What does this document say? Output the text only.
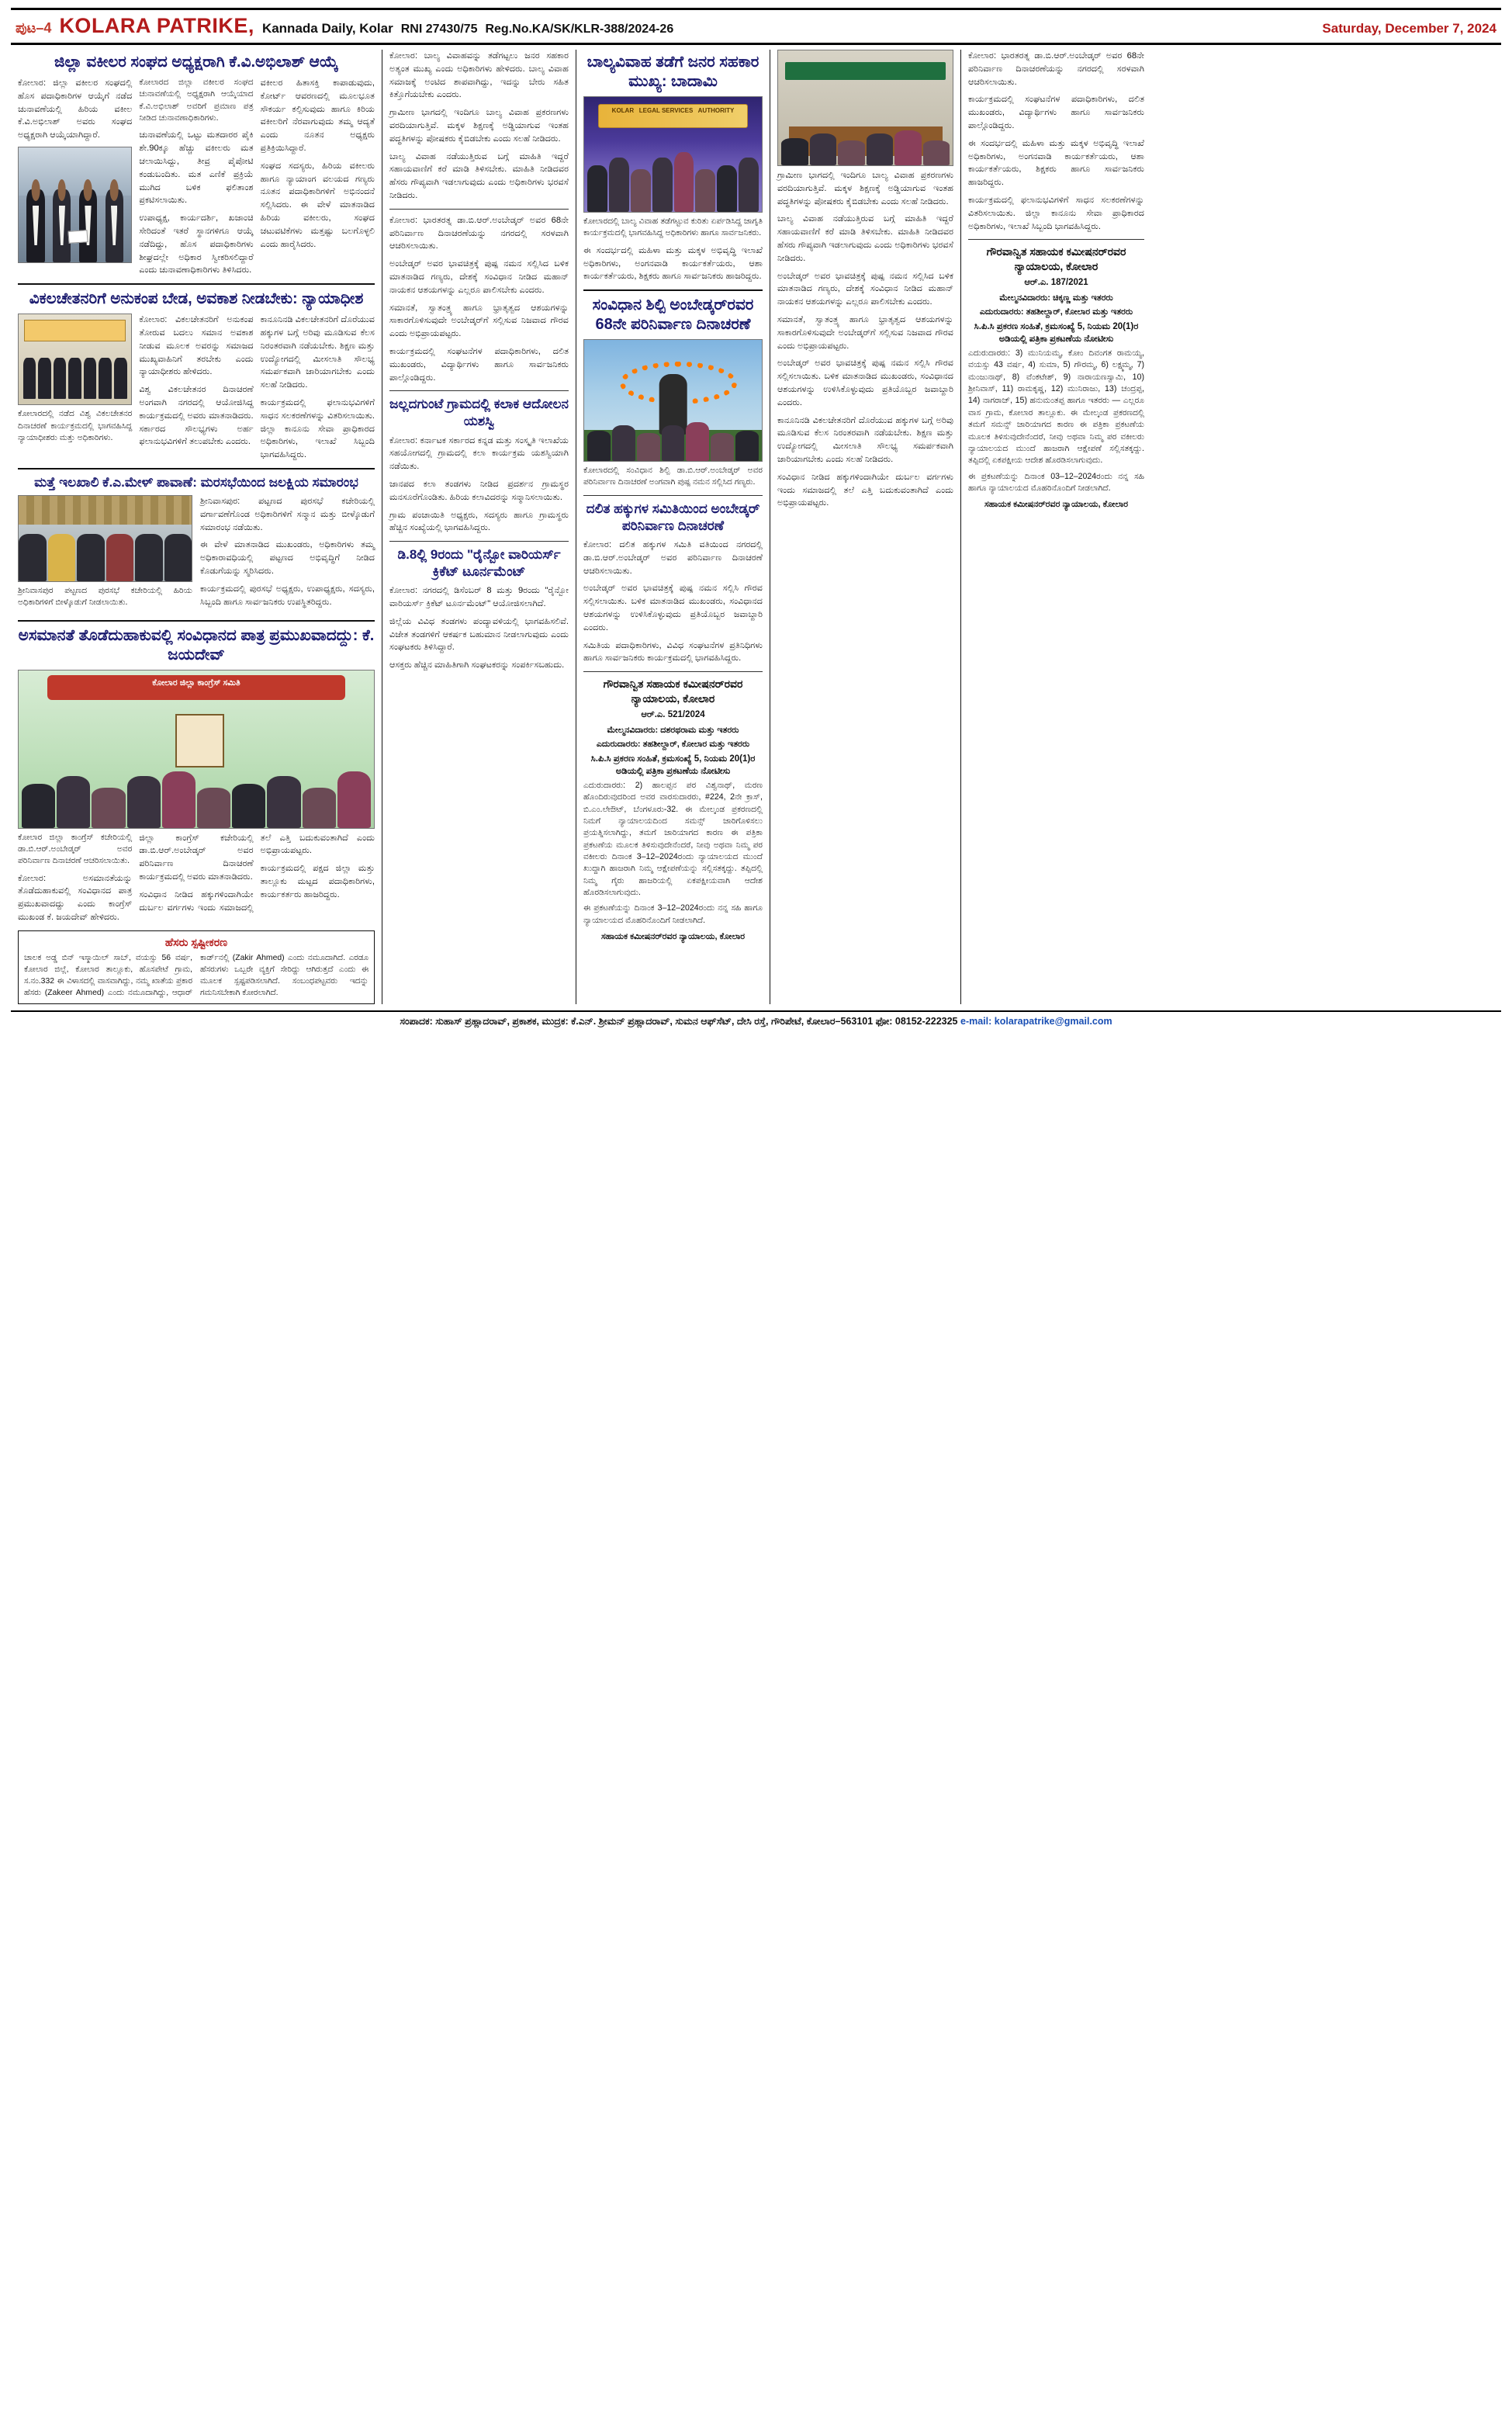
ಪುಟ–4 KOLARA PATRIKE, Kannada Daily, Kolar RNI 27430/75 Reg.No.KA/SK/KLR-388/2024-26	Saturday, December 7, 2024
ಜಿಲ್ಲಾ ವಕೀಲರ ಸಂಘದ ಅಧ್ಯಕ್ಷರಾಗಿ ಕೆ.ವಿ.ಅಭಿಲಾಶ್ ಆಯ್ಕೆ

ಕೋಲಾರ: ಜಿಲ್ಲಾ ವಕೀಲರ ಸಂಘದಲ್ಲಿ ಹೊಸ ಪದಾಧಿಕಾರಿಗಳ ಆಯ್ಕೆಗೆ ನಡೆದ ಚುನಾವಣೆಯಲ್ಲಿ ಹಿರಿಯ ವಕೀಲ ಕೆ.ವಿ.ಅಭಿಲಾಶ್ ಅವರು ಸಂಘದ ಅಧ್ಯಕ್ಷರಾಗಿ ಆಯ್ಕೆಯಾಗಿದ್ದಾರೆ.

ಕೋಲಾರದ ಜಿಲ್ಲಾ ವಕೀಲರ ಸಂಘದ ಚುನಾವಣೆಯಲ್ಲಿ ಅಧ್ಯಕ್ಷರಾಗಿ ಆಯ್ಕೆಯಾದ ಕೆ.ವಿ.ಅಭಿಲಾಶ್ ಅವರಿಗೆ ಪ್ರಮಾಣ ಪತ್ರ ನೀಡಿದ ಚುನಾವಣಾಧಿಕಾರಿಗಳು.

ಚುನಾವಣೆಯಲ್ಲಿ ಒಟ್ಟು ಮತದಾರರ ಪೈಕಿ ಶೇ.90ಕ್ಕೂ ಹೆಚ್ಚು ವಕೀಲರು ಮತ ಚಲಾಯಿಸಿದ್ದು, ತೀವ್ರ ಪೈಪೋಟಿ ಕಂಡುಬಂದಿತು. ಮತ ಎಣಿಕೆ ಪ್ರಕ್ರಿಯೆ ಮುಗಿದ ಬಳಿಕ ಫಲಿತಾಂಶ ಪ್ರಕಟಿಸಲಾಯಿತು.

ಉಪಾಧ್ಯಕ್ಷ, ಕಾರ್ಯದರ್ಶಿ, ಖಜಾಂಚಿ ಸೇರಿದಂತೆ ಇತರೆ ಸ್ಥಾನಗಳಿಗೂ ಆಯ್ಕೆ ನಡೆದಿದ್ದು, ಹೊಸ ಪದಾಧಿಕಾರಿಗಳು ಶೀಘ್ರದಲ್ಲೇ ಅಧಿಕಾರ ಸ್ವೀಕರಿಸಲಿದ್ದಾರೆ ಎಂದು ಚುನಾವಣಾಧಿಕಾರಿಗಳು ತಿಳಿಸಿದರು.

ವಕೀಲರ ಹಿತಾಸಕ್ತಿ ಕಾಪಾಡುವುದು, ಕೋರ್ಟ್ ಆವರಣದಲ್ಲಿ ಮೂಲಭೂತ ಸೌಕರ್ಯ ಕಲ್ಪಿಸುವುದು ಹಾಗೂ ಕಿರಿಯ ವಕೀಲರಿಗೆ ನೆರವಾಗುವುದು ತಮ್ಮ ಆದ್ಯತೆ ಎಂದು ನೂತನ ಅಧ್ಯಕ್ಷರು ಪ್ರತಿಕ್ರಿಯಿಸಿದ್ದಾರೆ.

ಸಂಘದ ಸದಸ್ಯರು, ಹಿರಿಯ ವಕೀಲರು ಹಾಗೂ ನ್ಯಾಯಾಂಗ ವಲಯದ ಗಣ್ಯರು ನೂತನ ಪದಾಧಿಕಾರಿಗಳಿಗೆ ಅಭಿನಂದನೆ ಸಲ್ಲಿಸಿದರು. ಈ ವೇಳೆ ಮಾತನಾಡಿದ ಹಿರಿಯ ವಕೀಲರು, ಸಂಘದ ಚಟುವಟಿಕೆಗಳು ಮತ್ತಷ್ಟು ಬಲಗೊಳ್ಳಲಿ ಎಂದು ಹಾರೈಸಿದರು.

ವಿಕಲಚೇತನರಿಗೆ ಅನುಕಂಪ ಬೇಡ, ಅವಕಾಶ ನೀಡಬೇಕು: ನ್ಯಾಯಾಧೀಶ

ಕೋಲಾರದಲ್ಲಿ ನಡೆದ ವಿಶ್ವ ವಿಕಲಚೇತನರ ದಿನಾಚರಣೆ ಕಾರ್ಯಕ್ರಮದಲ್ಲಿ ಭಾಗವಹಿಸಿದ್ದ ನ್ಯಾಯಾಧೀಶರು ಮತ್ತು ಅಧಿಕಾರಿಗಳು.

ಕೋಲಾರ: ವಿಕಲಚೇತನರಿಗೆ ಅನುಕಂಪ ತೋರುವ ಬದಲು ಸಮಾನ ಅವಕಾಶ ನೀಡುವ ಮೂಲಕ ಅವರನ್ನು ಸಮಾಜದ ಮುಖ್ಯವಾಹಿನಿಗೆ ತರಬೇಕು ಎಂದು ನ್ಯಾಯಾಧೀಶರು ಹೇಳಿದರು.

ವಿಶ್ವ ವಿಕಲಚೇತನರ ದಿನಾಚರಣೆ ಅಂಗವಾಗಿ ನಗರದಲ್ಲಿ ಆಯೋಜಿಸಿದ್ದ ಕಾರ್ಯಕ್ರಮದಲ್ಲಿ ಅವರು ಮಾತನಾಡಿದರು. ಸರ್ಕಾರದ ಸೌಲಭ್ಯಗಳು ಅರ್ಹ ಫಲಾನುಭವಿಗಳಿಗೆ ತಲುಪಬೇಕು ಎಂದರು.

ಕಾನೂನಿನಡಿ ವಿಕಲಚೇತನರಿಗೆ ದೊರೆಯುವ ಹಕ್ಕುಗಳ ಬಗ್ಗೆ ಅರಿವು ಮೂಡಿಸುವ ಕೆಲಸ ನಿರಂತರವಾಗಿ ನಡೆಯಬೇಕು. ಶಿಕ್ಷಣ ಮತ್ತು ಉದ್ಯೋಗದಲ್ಲಿ ಮೀಸಲಾತಿ ಸೌಲಭ್ಯ ಸಮರ್ಪಕವಾಗಿ ಜಾರಿಯಾಗಬೇಕು ಎಂದು ಸಲಹೆ ನೀಡಿದರು.

ಕಾರ್ಯಕ್ರಮದಲ್ಲಿ ಫಲಾನುಭವಿಗಳಿಗೆ ಸಾಧನ ಸಲಕರಣೆಗಳನ್ನು ವಿತರಿಸಲಾಯಿತು. ಜಿಲ್ಲಾ ಕಾನೂನು ಸೇವಾ ಪ್ರಾಧಿಕಾರದ ಅಧಿಕಾರಿಗಳು, ಇಲಾಖೆ ಸಿಬ್ಬಂದಿ ಭಾಗವಹಿಸಿದ್ದರು.

ಮತ್ತೆ ಇಲಖಾಲಿ ಕೆ.ಎ.ಮೇಳ್ ಪಾವಾಣೆ: ಮರಸಭೆಯಿಂದ ಜಲಕ್ಷಿಯ ಸಮಾರಂಭ

ಶ್ರೀನಿವಾಸಪುರ ಪಟ್ಟಣದ ಪುರಸಭೆ ಕಚೇರಿಯಲ್ಲಿ ಹಿರಿಯ ಅಧಿಕಾರಿಗಳಿಗೆ ಬೀಳ್ಕೊಡುಗೆ ನೀಡಲಾಯಿತು.

ಶ್ರೀನಿವಾಸಪುರ: ಪಟ್ಟಣದ ಪುರಸಭೆ ಕಚೇರಿಯಲ್ಲಿ ವರ್ಗಾವಣೆಗೊಂಡ ಅಧಿಕಾರಿಗಳಿಗೆ ಸನ್ಮಾನ ಮತ್ತು ಬೀಳ್ಕೊಡುಗೆ ಸಮಾರಂಭ ನಡೆಯಿತು.

ಈ ವೇಳೆ ಮಾತನಾಡಿದ ಮುಖಂಡರು, ಅಧಿಕಾರಿಗಳು ತಮ್ಮ ಅಧಿಕಾರಾವಧಿಯಲ್ಲಿ ಪಟ್ಟಣದ ಅಭಿವೃದ್ಧಿಗೆ ನೀಡಿದ ಕೊಡುಗೆಯನ್ನು ಸ್ಮರಿಸಿದರು.

ಕಾರ್ಯಕ್ರಮದಲ್ಲಿ ಪುರಸಭೆ ಅಧ್ಯಕ್ಷರು, ಉಪಾಧ್ಯಕ್ಷರು, ಸದಸ್ಯರು, ಸಿಬ್ಬಂದಿ ಹಾಗೂ ಸಾರ್ವಜನಿಕರು ಉಪಸ್ಥಿತರಿದ್ದರು.

ಅಸಮಾನತೆ ತೊಡೆದುಹಾಕುವಲ್ಲಿ ಸಂವಿಧಾನದ ಪಾತ್ರ ಪ್ರಮುಖವಾದದ್ದು: ಕೆ. ಜಯದೇವ್
ಕೋಲಾರ ಜಿಲ್ಲಾ ಕಾಂಗ್ರೆಸ್ ಸಮಿತಿ

ಕೋಲಾರ ಜಿಲ್ಲಾ ಕಾಂಗ್ರೆಸ್ ಕಚೇರಿಯಲ್ಲಿ ಡಾ.ಬಿ.ಆರ್.ಅಂಬೇಡ್ಕರ್ ಅವರ ಪರಿನಿರ್ವಾಣ ದಿನಾಚರಣೆ ಆಚರಿಸಲಾಯಿತು.

ಕೋಲಾರ: ಅಸಮಾನತೆಯನ್ನು ತೊಡೆದುಹಾಕುವಲ್ಲಿ ಸಂವಿಧಾನದ ಪಾತ್ರ ಪ್ರಮುಖವಾದದ್ದು ಎಂದು ಕಾಂಗ್ರೆಸ್ ಮುಖಂಡ ಕೆ. ಜಯದೇವ್ ಹೇಳಿದರು.

ಜಿಲ್ಲಾ ಕಾಂಗ್ರೆಸ್ ಕಚೇರಿಯಲ್ಲಿ ಡಾ.ಬಿ.ಆರ್.ಅಂಬೇಡ್ಕರ್ ಅವರ ಪರಿನಿರ್ವಾಣ ದಿನಾಚರಣೆ ಕಾರ್ಯಕ್ರಮದಲ್ಲಿ ಅವರು ಮಾತನಾಡಿದರು.

ಸಂವಿಧಾನ ನೀಡಿದ ಹಕ್ಕುಗಳಿಂದಾಗಿಯೇ ದುರ್ಬಲ ವರ್ಗಗಳು ಇಂದು ಸಮಾಜದಲ್ಲಿ ತಲೆ ಎತ್ತಿ ಬದುಕುವಂತಾಗಿದೆ ಎಂದು ಅಭಿಪ್ರಾಯಪಟ್ಟರು.

ಕಾರ್ಯಕ್ರಮದಲ್ಲಿ ಪಕ್ಷದ ಜಿಲ್ಲಾ ಮತ್ತು ತಾಲ್ಲೂಕು ಮಟ್ಟದ ಪದಾಧಿಕಾರಿಗಳು, ಕಾರ್ಯಕರ್ತರು ಹಾಜರಿದ್ದರು.

ಹೆಸರು ಸ್ಪಷ್ಟೀಕರಣ
ಚಾಲಕ ಅಡ್ಡ ಬಿನ್ ಇಸ್ಮಾಯಿಲ್ ಸಾಬ್, ವಯಸ್ಸು 56 ವರ್ಷ, ಕೋಲಾರ ಜಿಲ್ಲೆ, ಕೋಲಾರ ತಾಲ್ಲೂಕು, ಹೊಸಪೇಟೆ ಗ್ರಾಮ, ಸ.ನಂ.332 ಈ ವಿಳಾಸದಲ್ಲಿ ವಾಸವಾಗಿದ್ದು, ನಮ್ಮ ಖಾತೆಯ ಪ್ರಕಾರ ಹೆಸರು (Zakeer Ahmed) ಎಂದು ನಮೂದಾಗಿದ್ದು, ಆಧಾರ್ ಕಾರ್ಡ್‌ನಲ್ಲಿ (Zakir Ahmed) ಎಂದು ನಮೂದಾಗಿದೆ. ಎರಡೂ ಹೆಸರುಗಳು ಒಬ್ಬರೇ ವ್ಯಕ್ತಿಗೆ ಸೇರಿದ್ದು ಆಗಿರುತ್ತದೆ ಎಂದು ಈ ಮೂಲಕ ಸ್ಪಷ್ಟಪಡಿಸಲಾಗಿದೆ. ಸಂಬಂಧಪಟ್ಟವರು ಇದನ್ನು ಗಮನಿಸಬೇಕಾಗಿ ಕೋರಲಾಗಿದೆ.

ಕೋಲಾರ: ಬಾಲ್ಯ ವಿವಾಹವನ್ನು ತಡೆಗಟ್ಟಲು ಜನರ ಸಹಕಾರ ಅತ್ಯಂತ ಮುಖ್ಯ ಎಂದು ಅಧಿಕಾರಿಗಳು ಹೇಳಿದರು. ಬಾಲ್ಯ ವಿವಾಹ ಸಮಾಜಕ್ಕೆ ಅಂಟಿದ ಶಾಪವಾಗಿದ್ದು, ಇದನ್ನು ಬೇರು ಸಹಿತ ಕಿತ್ತೊಗೆಯಬೇಕು ಎಂದರು.

ಗ್ರಾಮೀಣ ಭಾಗದಲ್ಲಿ ಇಂದಿಗೂ ಬಾಲ್ಯ ವಿವಾಹ ಪ್ರಕರಣಗಳು ವರದಿಯಾಗುತ್ತಿವೆ. ಮಕ್ಕಳ ಶಿಕ್ಷಣಕ್ಕೆ ಅಡ್ಡಿಯಾಗುವ ಇಂತಹ ಪದ್ಧತಿಗಳನ್ನು ಪೋಷಕರು ಕೈಬಿಡಬೇಕು ಎಂದು ಸಲಹೆ ನೀಡಿದರು.

ಬಾಲ್ಯ ವಿವಾಹ ನಡೆಯುತ್ತಿರುವ ಬಗ್ಗೆ ಮಾಹಿತಿ ಇದ್ದರೆ ಸಹಾಯವಾಣಿಗೆ ಕರೆ ಮಾಡಿ ತಿಳಿಸಬೇಕು. ಮಾಹಿತಿ ನೀಡಿದವರ ಹೆಸರು ಗೌಪ್ಯವಾಗಿ ಇಡಲಾಗುವುದು ಎಂದು ಅಧಿಕಾರಿಗಳು ಭರವಸೆ ನೀಡಿದರು.

ಕೋಲಾರ: ಭಾರತರತ್ನ ಡಾ.ಬಿ.ಆರ್.ಅಂಬೇಡ್ಕರ್ ಅವರ 68ನೇ ಪರಿನಿರ್ವಾಣ ದಿನಾಚರಣೆಯನ್ನು ನಗರದಲ್ಲಿ ಸರಳವಾಗಿ ಆಚರಿಸಲಾಯಿತು.

ಅಂಬೇಡ್ಕರ್ ಅವರ ಭಾವಚಿತ್ರಕ್ಕೆ ಪುಷ್ಪ ನಮನ ಸಲ್ಲಿಸಿದ ಬಳಿಕ ಮಾತನಾಡಿದ ಗಣ್ಯರು, ದೇಶಕ್ಕೆ ಸಂವಿಧಾನ ನೀಡಿದ ಮಹಾನ್ ನಾಯಕನ ಆಶಯಗಳನ್ನು ಎಲ್ಲರೂ ಪಾಲಿಸಬೇಕು ಎಂದರು.

ಸಮಾನತೆ, ಸ್ವಾತಂತ್ರ್ಯ ಹಾಗೂ ಭ್ರಾತೃತ್ವದ ಆಶಯಗಳನ್ನು ಸಾಕಾರಗೊಳಿಸುವುದೇ ಅಂಬೇಡ್ಕರ್‌ಗೆ ಸಲ್ಲಿಸುವ ನಿಜವಾದ ಗೌರವ ಎಂದು ಅಭಿಪ್ರಾಯಪಟ್ಟರು.

ಕಾರ್ಯಕ್ರಮದಲ್ಲಿ ಸಂಘಟನೆಗಳ ಪದಾಧಿಕಾರಿಗಳು, ದಲಿತ ಮುಖಂಡರು, ವಿದ್ಯಾರ್ಥಿಗಳು ಹಾಗೂ ಸಾರ್ವಜನಿಕರು ಪಾಲ್ಗೊಂಡಿದ್ದರು.

ಜಲ್ಲದಗುಂಟೆ ಗ್ರಾಮದಲ್ಲಿ ಕಲಾಕ ಆದೋಲನ ಯಶಸ್ವಿ

ಕೋಲಾರ: ಕರ್ನಾಟಕ ಸರ್ಕಾರದ ಕನ್ನಡ ಮತ್ತು ಸಂಸ್ಕೃತಿ ಇಲಾಖೆಯ ಸಹಯೋಗದಲ್ಲಿ ಗ್ರಾಮದಲ್ಲಿ ಕಲಾ ಕಾರ್ಯಕ್ರಮ ಯಶಸ್ವಿಯಾಗಿ ನಡೆಯಿತು.

ಜಾನಪದ ಕಲಾ ತಂಡಗಳು ನೀಡಿದ ಪ್ರದರ್ಶನ ಗ್ರಾಮಸ್ಥರ ಮನಸೂರೆಗೊಂಡಿತು. ಹಿರಿಯ ಕಲಾವಿದರನ್ನು ಸನ್ಮಾನಿಸಲಾಯಿತು.

ಗ್ರಾಮ ಪಂಚಾಯಿತಿ ಅಧ್ಯಕ್ಷರು, ಸದಸ್ಯರು ಹಾಗೂ ಗ್ರಾಮಸ್ಥರು ಹೆಚ್ಚಿನ ಸಂಖ್ಯೆಯಲ್ಲಿ ಭಾಗವಹಿಸಿದ್ದರು.

ಡಿ.8ಲ್ಲಿ 9ರಂದು "ರೈನ್ಬೋ ವಾರಿಯರ್ಸ್ ಕ್ರಿಕೆಟ್ ಟೂರ್ನಮೆಂಟ್

ಕೋಲಾರ: ನಗರದಲ್ಲಿ ಡಿಸೆಂಬರ್ 8 ಮತ್ತು 9ರಂದು "ರೈನ್ಬೋ ವಾರಿಯರ್ಸ್ ಕ್ರಿಕೆಟ್ ಟೂರ್ನಮೆಂಟ್" ಆಯೋಜಿಸಲಾಗಿದೆ.

ಜಿಲ್ಲೆಯ ವಿವಿಧ ತಂಡಗಳು ಪಂದ್ಯಾವಳಿಯಲ್ಲಿ ಭಾಗವಹಿಸಲಿವೆ. ವಿಜೇತ ತಂಡಗಳಿಗೆ ಆಕರ್ಷಕ ಬಹುಮಾನ ನೀಡಲಾಗುವುದು ಎಂದು ಸಂಘಟಕರು ತಿಳಿಸಿದ್ದಾರೆ.

ಆಸಕ್ತರು ಹೆಚ್ಚಿನ ಮಾಹಿತಿಗಾಗಿ ಸಂಘಟಕರನ್ನು ಸಂಪರ್ಕಿಸಬಹುದು.

ಬಾಲ್ಯವಿವಾಹ ತಡೆಗೆ ಜನರ ಸಹಕಾರ ಮುಖ್ಯ: ಬಾದಾಮಿ
KOLAR   LEGAL SERVICES   AUTHORITY

ಕೋಲಾರದಲ್ಲಿ ಬಾಲ್ಯ ವಿವಾಹ ತಡೆಗಟ್ಟುವ ಕುರಿತು ಏರ್ಪಡಿಸಿದ್ದ ಜಾಗೃತಿ ಕಾರ್ಯಕ್ರಮದಲ್ಲಿ ಭಾಗವಹಿಸಿದ್ದ ಅಧಿಕಾರಿಗಳು ಹಾಗೂ ಸಾರ್ವಜನಿಕರು.

ಈ ಸಂದರ್ಭದಲ್ಲಿ ಮಹಿಳಾ ಮತ್ತು ಮಕ್ಕಳ ಅಭಿವೃದ್ಧಿ ಇಲಾಖೆ ಅಧಿಕಾರಿಗಳು, ಅಂಗನವಾಡಿ ಕಾರ್ಯಕರ್ತೆಯರು, ಆಶಾ ಕಾರ್ಯಕರ್ತೆಯರು, ಶಿಕ್ಷಕರು ಹಾಗೂ ಸಾರ್ವಜನಿಕರು ಹಾಜರಿದ್ದರು.

ಸಂವಿಧಾನ ಶಿಲ್ಪಿ ಅಂಬೇಡ್ಕರ್‌ರವರ 68ನೇ ಪರಿನಿರ್ವಾಣ ದಿನಾಚರಣೆ

ಕೋಲಾರದಲ್ಲಿ ಸಂವಿಧಾನ ಶಿಲ್ಪಿ ಡಾ.ಬಿ.ಆರ್.ಅಂಬೇಡ್ಕರ್ ಅವರ ಪರಿನಿರ್ವಾಣ ದಿನಾಚರಣೆ ಅಂಗವಾಗಿ ಪುಷ್ಪ ನಮನ ಸಲ್ಲಿಸಿದ ಗಣ್ಯರು.

ದಲಿತ ಹಕ್ಕುಗಳ ಸಮಿತಿಯಿಂದ ಅಂಬೇಡ್ಕರ್ ಪರಿನಿರ್ವಾಣ ದಿನಾಚರಣೆ

ಕೋಲಾರ: ದಲಿತ ಹಕ್ಕುಗಳ ಸಮಿತಿ ವತಿಯಿಂದ ನಗರದಲ್ಲಿ ಡಾ.ಬಿ.ಆರ್.ಅಂಬೇಡ್ಕರ್ ಅವರ ಪರಿನಿರ್ವಾಣ ದಿನಾಚರಣೆ ಆಚರಿಸಲಾಯಿತು.

ಅಂಬೇಡ್ಕರ್ ಅವರ ಭಾವಚಿತ್ರಕ್ಕೆ ಪುಷ್ಪ ನಮನ ಸಲ್ಲಿಸಿ ಗೌರವ ಸಲ್ಲಿಸಲಾಯಿತು. ಬಳಿಕ ಮಾತನಾಡಿದ ಮುಖಂಡರು, ಸಂವಿಧಾನದ ಆಶಯಗಳನ್ನು ಉಳಿಸಿಕೊಳ್ಳುವುದು ಪ್ರತಿಯೊಬ್ಬರ ಜವಾಬ್ದಾರಿ ಎಂದರು.

ಸಮಿತಿಯ ಪದಾಧಿಕಾರಿಗಳು, ವಿವಿಧ ಸಂಘಟನೆಗಳ ಪ್ರತಿನಿಧಿಗಳು ಹಾಗೂ ಸಾರ್ವಜನಿಕರು ಕಾರ್ಯಕ್ರಮದಲ್ಲಿ ಭಾಗವಹಿಸಿದ್ದರು.

ಗೌರವಾನ್ವಿತ ಸಹಾಯಕ ಕಮೀಷನರ್‌ರವರ
ನ್ಯಾಯಾಲಯ, ಕೋಲಾರ
ಆರ್.ಎ. 521/2024
ಮೇಲ್ಮನವಿದಾರರು: ದಶರಥರಾಮ ಮತ್ತು ಇತರರು
ಎದುರುದಾರರು: ತಹಶೀಲ್ದಾರ್, ಕೋಲಾರ ಮತ್ತು ಇತರರು
ಸಿ.ಪಿ.ಸಿ ಪ್ರಕರಣ ಸಂಹಿತೆ, ಕ್ರಮಸಂಖ್ಯೆ 5, ನಿಯಮ 20(1)ರ ಅಡಿಯಲ್ಲಿ ಪತ್ರಿಕಾ ಪ್ರಕಟಣೆಯ ನೋಟೀಸು
ಎದುರುದಾರರು: 2) ಹಾಲಪ್ಪನ ಪರ ವಿಶ್ವನಾಥ್, ಮರಣ ಹೊಂದಿರುವುದರಿಂದ ಅವರ ವಾರಸುದಾರರು, #224, 2ನೇ ಕ್ರಾಸ್, ಬಿ.ಎಂ.ಲೇಔಟ್, ಬೆಂಗಳೂರು-32. ಈ ಮೇಲ್ಕಂಡ ಪ್ರಕರಣದಲ್ಲಿ ನಿಮಗೆ ನ್ಯಾಯಾಲಯದಿಂದ ಸಮನ್ಸ್ ಜಾರಿಗೊಳಿಸಲು ಪ್ರಯತ್ನಿಸಲಾಗಿದ್ದು, ತಮಗೆ ಜಾರಿಯಾಗದ ಕಾರಣ ಈ ಪತ್ರಿಕಾ ಪ್ರಕಟಣೆಯ ಮೂಲಕ ತಿಳಿಸುವುದೇನೆಂದರೆ, ನೀವು ಅಥವಾ ನಿಮ್ಮ ಪರ ವಕೀಲರು ದಿನಾಂಕ 3–12–2024ರಂದು ನ್ಯಾಯಾಲಯದ ಮುಂದೆ ಖುದ್ದಾಗಿ ಹಾಜರಾಗಿ ನಿಮ್ಮ ಆಕ್ಷೇಪಣೆಯನ್ನು ಸಲ್ಲಿಸತಕ್ಕದ್ದು. ತಪ್ಪಿದಲ್ಲಿ ನಿಮ್ಮ ಗೈರು ಹಾಜರಿಯಲ್ಲಿ ಏಕಪಕ್ಷೀಯವಾಗಿ ಆದೇಶ ಹೊರಡಿಸಲಾಗುವುದು.
ಈ ಪ್ರಕಟಣೆಯನ್ನು ದಿನಾಂಕ 3–12–2024ರಂದು ನನ್ನ ಸಹಿ ಹಾಗೂ ನ್ಯಾಯಾಲಯದ ಮೊಹರಿನೊಂದಿಗೆ ನೀಡಲಾಗಿದೆ.
ಸಹಾಯಕ ಕಮೀಷನರ್‌ರವರ ನ್ಯಾಯಾಲಯ, ಕೋಲಾರ

ಗ್ರಾಮೀಣ ಭಾಗದಲ್ಲಿ ಇಂದಿಗೂ ಬಾಲ್ಯ ವಿವಾಹ ಪ್ರಕರಣಗಳು ವರದಿಯಾಗುತ್ತಿವೆ. ಮಕ್ಕಳ ಶಿಕ್ಷಣಕ್ಕೆ ಅಡ್ಡಿಯಾಗುವ ಇಂತಹ ಪದ್ಧತಿಗಳನ್ನು ಪೋಷಕರು ಕೈಬಿಡಬೇಕು ಎಂದು ಸಲಹೆ ನೀಡಿದರು.

ಬಾಲ್ಯ ವಿವಾಹ ನಡೆಯುತ್ತಿರುವ ಬಗ್ಗೆ ಮಾಹಿತಿ ಇದ್ದರೆ ಸಹಾಯವಾಣಿಗೆ ಕರೆ ಮಾಡಿ ತಿಳಿಸಬೇಕು. ಮಾಹಿತಿ ನೀಡಿದವರ ಹೆಸರು ಗೌಪ್ಯವಾಗಿ ಇಡಲಾಗುವುದು ಎಂದು ಅಧಿಕಾರಿಗಳು ಭರವಸೆ ನೀಡಿದರು.

ಅಂಬೇಡ್ಕರ್ ಅವರ ಭಾವಚಿತ್ರಕ್ಕೆ ಪುಷ್ಪ ನಮನ ಸಲ್ಲಿಸಿದ ಬಳಿಕ ಮಾತನಾಡಿದ ಗಣ್ಯರು, ದೇಶಕ್ಕೆ ಸಂವಿಧಾನ ನೀಡಿದ ಮಹಾನ್ ನಾಯಕನ ಆಶಯಗಳನ್ನು ಎಲ್ಲರೂ ಪಾಲಿಸಬೇಕು ಎಂದರು.

ಸಮಾನತೆ, ಸ್ವಾತಂತ್ರ್ಯ ಹಾಗೂ ಭ್ರಾತೃತ್ವದ ಆಶಯಗಳನ್ನು ಸಾಕಾರಗೊಳಿಸುವುದೇ ಅಂಬೇಡ್ಕರ್‌ಗೆ ಸಲ್ಲಿಸುವ ನಿಜವಾದ ಗೌರವ ಎಂದು ಅಭಿಪ್ರಾಯಪಟ್ಟರು.

ಅಂಬೇಡ್ಕರ್ ಅವರ ಭಾವಚಿತ್ರಕ್ಕೆ ಪುಷ್ಪ ನಮನ ಸಲ್ಲಿಸಿ ಗೌರವ ಸಲ್ಲಿಸಲಾಯಿತು. ಬಳಿಕ ಮಾತನಾಡಿದ ಮುಖಂಡರು, ಸಂವಿಧಾನದ ಆಶಯಗಳನ್ನು ಉಳಿಸಿಕೊಳ್ಳುವುದು ಪ್ರತಿಯೊಬ್ಬರ ಜವಾಬ್ದಾರಿ ಎಂದರು.

ಕಾನೂನಿನಡಿ ವಿಕಲಚೇತನರಿಗೆ ದೊರೆಯುವ ಹಕ್ಕುಗಳ ಬಗ್ಗೆ ಅರಿವು ಮೂಡಿಸುವ ಕೆಲಸ ನಿರಂತರವಾಗಿ ನಡೆಯಬೇಕು. ಶಿಕ್ಷಣ ಮತ್ತು ಉದ್ಯೋಗದಲ್ಲಿ ಮೀಸಲಾತಿ ಸೌಲಭ್ಯ ಸಮರ್ಪಕವಾಗಿ ಜಾರಿಯಾಗಬೇಕು ಎಂದು ಸಲಹೆ ನೀಡಿದರು.

ಸಂವಿಧಾನ ನೀಡಿದ ಹಕ್ಕುಗಳಿಂದಾಗಿಯೇ ದುರ್ಬಲ ವರ್ಗಗಳು ಇಂದು ಸಮಾಜದಲ್ಲಿ ತಲೆ ಎತ್ತಿ ಬದುಕುವಂತಾಗಿದೆ ಎಂದು ಅಭಿಪ್ರಾಯಪಟ್ಟರು.

ಕೋಲಾರ: ಭಾರತರತ್ನ ಡಾ.ಬಿ.ಆರ್.ಅಂಬೇಡ್ಕರ್ ಅವರ 68ನೇ ಪರಿನಿರ್ವಾಣ ದಿನಾಚರಣೆಯನ್ನು ನಗರದಲ್ಲಿ ಸರಳವಾಗಿ ಆಚರಿಸಲಾಯಿತು.

ಕಾರ್ಯಕ್ರಮದಲ್ಲಿ ಸಂಘಟನೆಗಳ ಪದಾಧಿಕಾರಿಗಳು, ದಲಿತ ಮುಖಂಡರು, ವಿದ್ಯಾರ್ಥಿಗಳು ಹಾಗೂ ಸಾರ್ವಜನಿಕರು ಪಾಲ್ಗೊಂಡಿದ್ದರು.

ಈ ಸಂದರ್ಭದಲ್ಲಿ ಮಹಿಳಾ ಮತ್ತು ಮಕ್ಕಳ ಅಭಿವೃದ್ಧಿ ಇಲಾಖೆ ಅಧಿಕಾರಿಗಳು, ಅಂಗನವಾಡಿ ಕಾರ್ಯಕರ್ತೆಯರು, ಆಶಾ ಕಾರ್ಯಕರ್ತೆಯರು, ಶಿಕ್ಷಕರು ಹಾಗೂ ಸಾರ್ವಜನಿಕರು ಹಾಜರಿದ್ದರು.

ಕಾರ್ಯಕ್ರಮದಲ್ಲಿ ಫಲಾನುಭವಿಗಳಿಗೆ ಸಾಧನ ಸಲಕರಣೆಗಳನ್ನು ವಿತರಿಸಲಾಯಿತು. ಜಿಲ್ಲಾ ಕಾನೂನು ಸೇವಾ ಪ್ರಾಧಿಕಾರದ ಅಧಿಕಾರಿಗಳು, ಇಲಾಖೆ ಸಿಬ್ಬಂದಿ ಭಾಗವಹಿಸಿದ್ದರು.

ಗೌರವಾನ್ವಿತ ಸಹಾಯಕ ಕಮೀಷನರ್‌ರವರ
ನ್ಯಾಯಾಲಯ, ಕೋಲಾರ
ಆರ್.ಎ. 187/2021
ಮೇಲ್ಮನವಿದಾರರು: ಚಿಕ್ಕಣ್ಣ ಮತ್ತು ಇತರರು
ಎದುರುದಾರರು: ತಹಶೀಲ್ದಾರ್, ಕೋಲಾರ ಮತ್ತು ಇತರರು
ಸಿ.ಪಿ.ಸಿ ಪ್ರಕರಣ ಸಂಹಿತೆ, ಕ್ರಮಸಂಖ್ಯೆ 5, ನಿಯಮ 20(1)ರ ಅಡಿಯಲ್ಲಿ ಪತ್ರಿಕಾ ಪ್ರಕಟಣೆಯ ನೋಟೀಸು
ಎದುರುದಾರರು: 3) ಮುನಿಯಮ್ಮ, ಕೋಂ ದಿವಂಗತ ರಾಮಯ್ಯ, ವಯಸ್ಸು 43 ವರ್ಷ, 4) ಸುಮಾ, 5) ಗೌರಮ್ಮ, 6) ಲಕ್ಷ್ಮಮ್ಮ, 7) ಮಂಜುನಾಥ್, 8) ವೆಂಕಟೇಶ್, 9) ನಾರಾಯಣಸ್ವಾಮಿ, 10) ಶ್ರೀನಿವಾಸ್, 11) ರಾಮಕೃಷ್ಣ, 12) ಮುನಿರಾಜು, 13) ಚಂದ್ರಪ್ಪ, 14) ನಾಗರಾಜ್, 15) ಹನುಮಂತಪ್ಪ ಹಾಗೂ ಇತರರು — ಎಲ್ಲರೂ ವಾಸ ಗ್ರಾಮ, ಕೋಲಾರ ತಾಲ್ಲೂಕು. ಈ ಮೇಲ್ಕಂಡ ಪ್ರಕರಣದಲ್ಲಿ ತಮಗೆ ಸಮನ್ಸ್ ಜಾರಿಯಾಗದ ಕಾರಣ ಈ ಪತ್ರಿಕಾ ಪ್ರಕಟಣೆಯ ಮೂಲಕ ತಿಳಿಸುವುದೇನೆಂದರೆ, ನೀವು ಅಥವಾ ನಿಮ್ಮ ಪರ ವಕೀಲರು ನ್ಯಾಯಾಲಯದ ಮುಂದೆ ಹಾಜರಾಗಿ ಆಕ್ಷೇಪಣೆ ಸಲ್ಲಿಸತಕ್ಕದ್ದು. ತಪ್ಪಿದಲ್ಲಿ ಏಕಪಕ್ಷೀಯ ಆದೇಶ ಹೊರಡಿಸಲಾಗುವುದು.
ಈ ಪ್ರಕಟಣೆಯನ್ನು ದಿನಾಂಕ 03–12–2024ರಂದು ನನ್ನ ಸಹಿ ಹಾಗೂ ನ್ಯಾಯಾಲಯದ ಮೊಹರಿನೊಂದಿಗೆ ನೀಡಲಾಗಿದೆ.
ಸಹಾಯಕ ಕಮೀಷನರ್‌ರವರ ನ್ಯಾಯಾಲಯ, ಕೋಲಾರ
ಸಂಪಾದಕ: ಸುಹಾಸ್ ಪ್ರಹ್ಲಾದರಾವ್, ಪ್ರಕಾಶಕ, ಮುದ್ರಕ: ಕೆ.ಎನ್. ಶ್ರೀಮನ್ ಪ್ರಹ್ಲಾದರಾವ್, ಸುಮನ ಆಫ್‌ಸೆಟ್, ದೇಸಿ ರಸ್ತೆ, ಗೌರಿಪೇಟೆ, ಕೋಲಾರ–563101 ಫೋ: 08152-222325 e-mail: kolarapatrike@gmail.com
